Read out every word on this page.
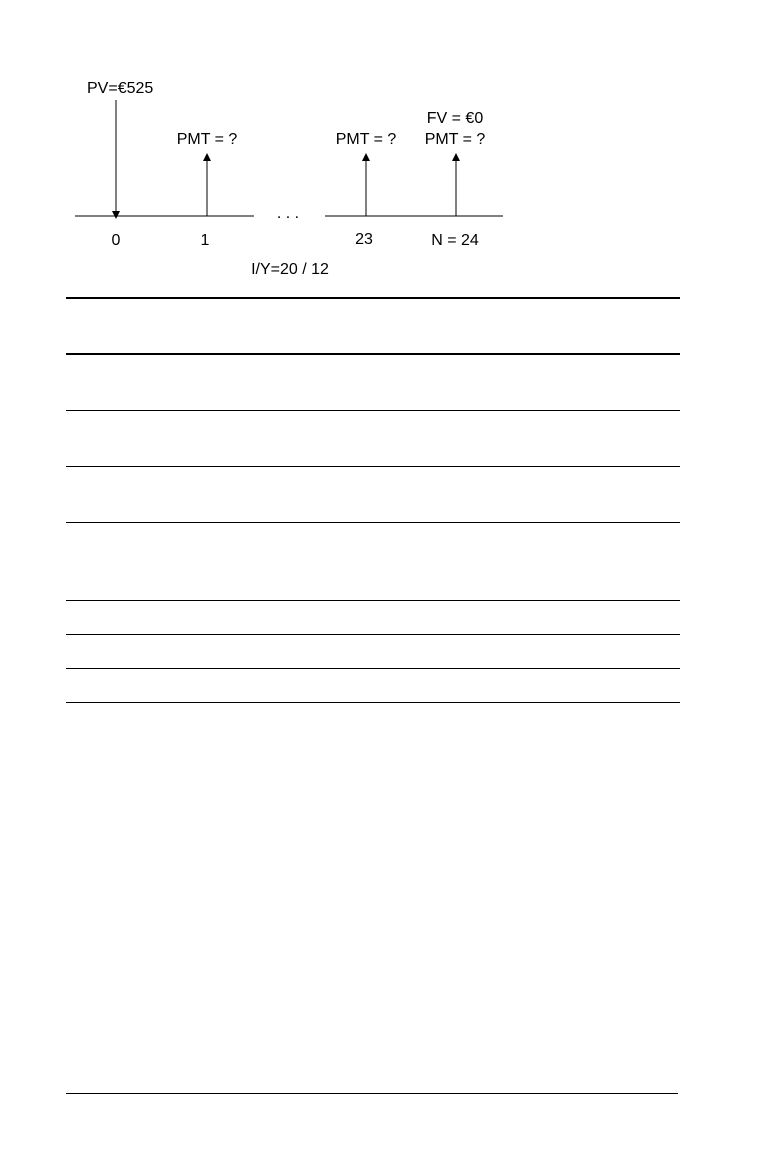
. . .
PV=€525
PMT = ?	PMT = ?
FV = €0
PMT = ?
0	1	23	N = 24
I/Y=20 / 12
